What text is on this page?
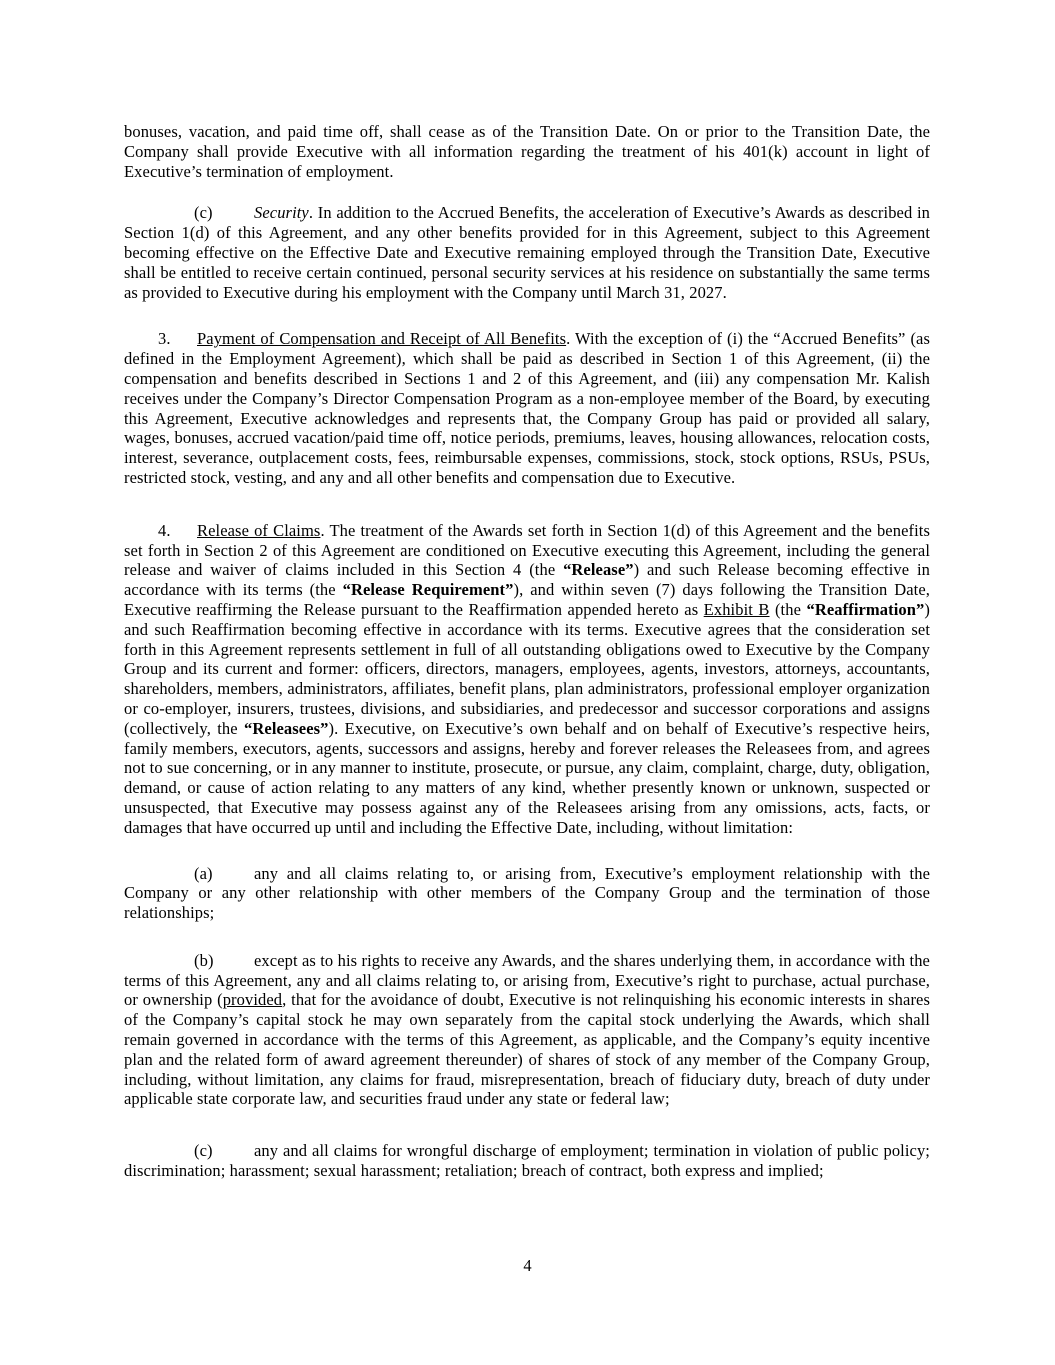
bonuses, vacation, and paid time off, shall cease as of the Transition Date. On or prior to the Transition Date, the Company shall provide Executive with all information regarding the treatment of his 401(k) account in light of Executive’s termination of employment.

(c)	Security. In addition to the Accrued Benefits, the acceleration of Executive’s Awards as described in Section 1(d) of this Agreement, and any other benefits provided for in this Agreement, subject to this Agreement becoming effective on the Effective Date and Executive remaining employed through the Transition Date, Executive shall be entitled to receive certain continued, personal security services at his residence on substantially the same terms as provided to Executive during his employment with the Company until March 31, 2027.

3. Payment of Compensation and Receipt of All Benefits. With the exception of (i) the “Accrued Benefits” (as defined in the Employment Agreement), which shall be paid as described in Section 1 of this Agreement, (ii) the compensation and benefits described in Sections 1 and 2 of this Agreement, and (iii) any compensation Mr. Kalish receives under the Company’s Director Compensation Program as a non-employee member of the Board, by executing this Agreement, Executive acknowledges and represents that, the Company Group has paid or provided all salary, wages, bonuses, accrued vacation/paid time off, notice periods, premiums, leaves, housing allowances, relocation costs, interest, severance, outplacement costs, fees, reimbursable expenses, commissions, stock, stock options, RSUs, PSUs, restricted stock, vesting, and any and all other benefits and compensation due to Executive.

4. Release of Claims. The treatment of the Awards set forth in Section 1(d) of this Agreement and the benefits set forth in Section 2 of this Agreement are conditioned on Executive executing this Agreement, including the general release and waiver of claims included in this Section 4 (the “Release”) and such Release becoming effective in accordance with its terms (the “Release Requirement”), and within seven (7) days following the Transition Date, Executive reaffirming the Release pursuant to the Reaffirmation appended hereto as Exhibit B (the “Reaffirmation”) and such Reaffirmation becoming effective in accordance with its terms. Executive agrees that the consideration set forth in this Agreement represents settlement in full of all outstanding obligations owed to Executive by the Company Group and its current and former: officers, directors, managers, employees, agents, investors, attorneys, accountants, shareholders, members, administrators, affiliates, benefit plans, plan administrators, professional employer organization or co-employer, insurers, trustees, divisions, and subsidiaries, and predecessor and successor corporations and assigns (collectively, the “Releasees”). Executive, on Executive’s own behalf and on behalf of Executive’s respective heirs, family members, executors, agents, successors and assigns, hereby and forever releases the Releasees from, and agrees not to sue concerning, or in any manner to institute, prosecute, or pursue, any claim, complaint, charge, duty, obligation, demand, or cause of action relating to any matters of any kind, whether presently known or unknown, suspected or unsuspected, that Executive may possess against any of the Releasees arising from any omissions, acts, facts, or damages that have occurred up until and including the Effective Date, including, without limitation:

(a)	any and all claims relating to, or arising from, Executive’s employment relationship with the Company or any other relationship with other members of the Company Group and the termination of those relationships;

(b) except as to his rights to receive any Awards, and the shares underlying them, in accordance with the terms of this Agreement, any and all claims relating to, or arising from, Executive’s right to purchase, actual purchase, or ownership (provided, that for the avoidance of doubt, Executive is not relinquishing his economic interests in shares of the Company’s capital stock he may own separately from the capital stock underlying the Awards, which shall remain governed in accordance with the terms of this Agreement, as applicable, and the Company’s equity incentive plan and the related form of award agreement thereunder) of shares of stock of any member of the Company Group, including, without limitation, any claims for fraud, misrepresentation, breach of fiduciary duty, breach of duty under applicable state corporate law, and securities fraud under any state or federal law;

(c)	any and all claims for wrongful discharge of employment; termination in violation of public policy; discrimination; harassment; sexual harassment; retaliation; breach of contract, both express and implied;

4
